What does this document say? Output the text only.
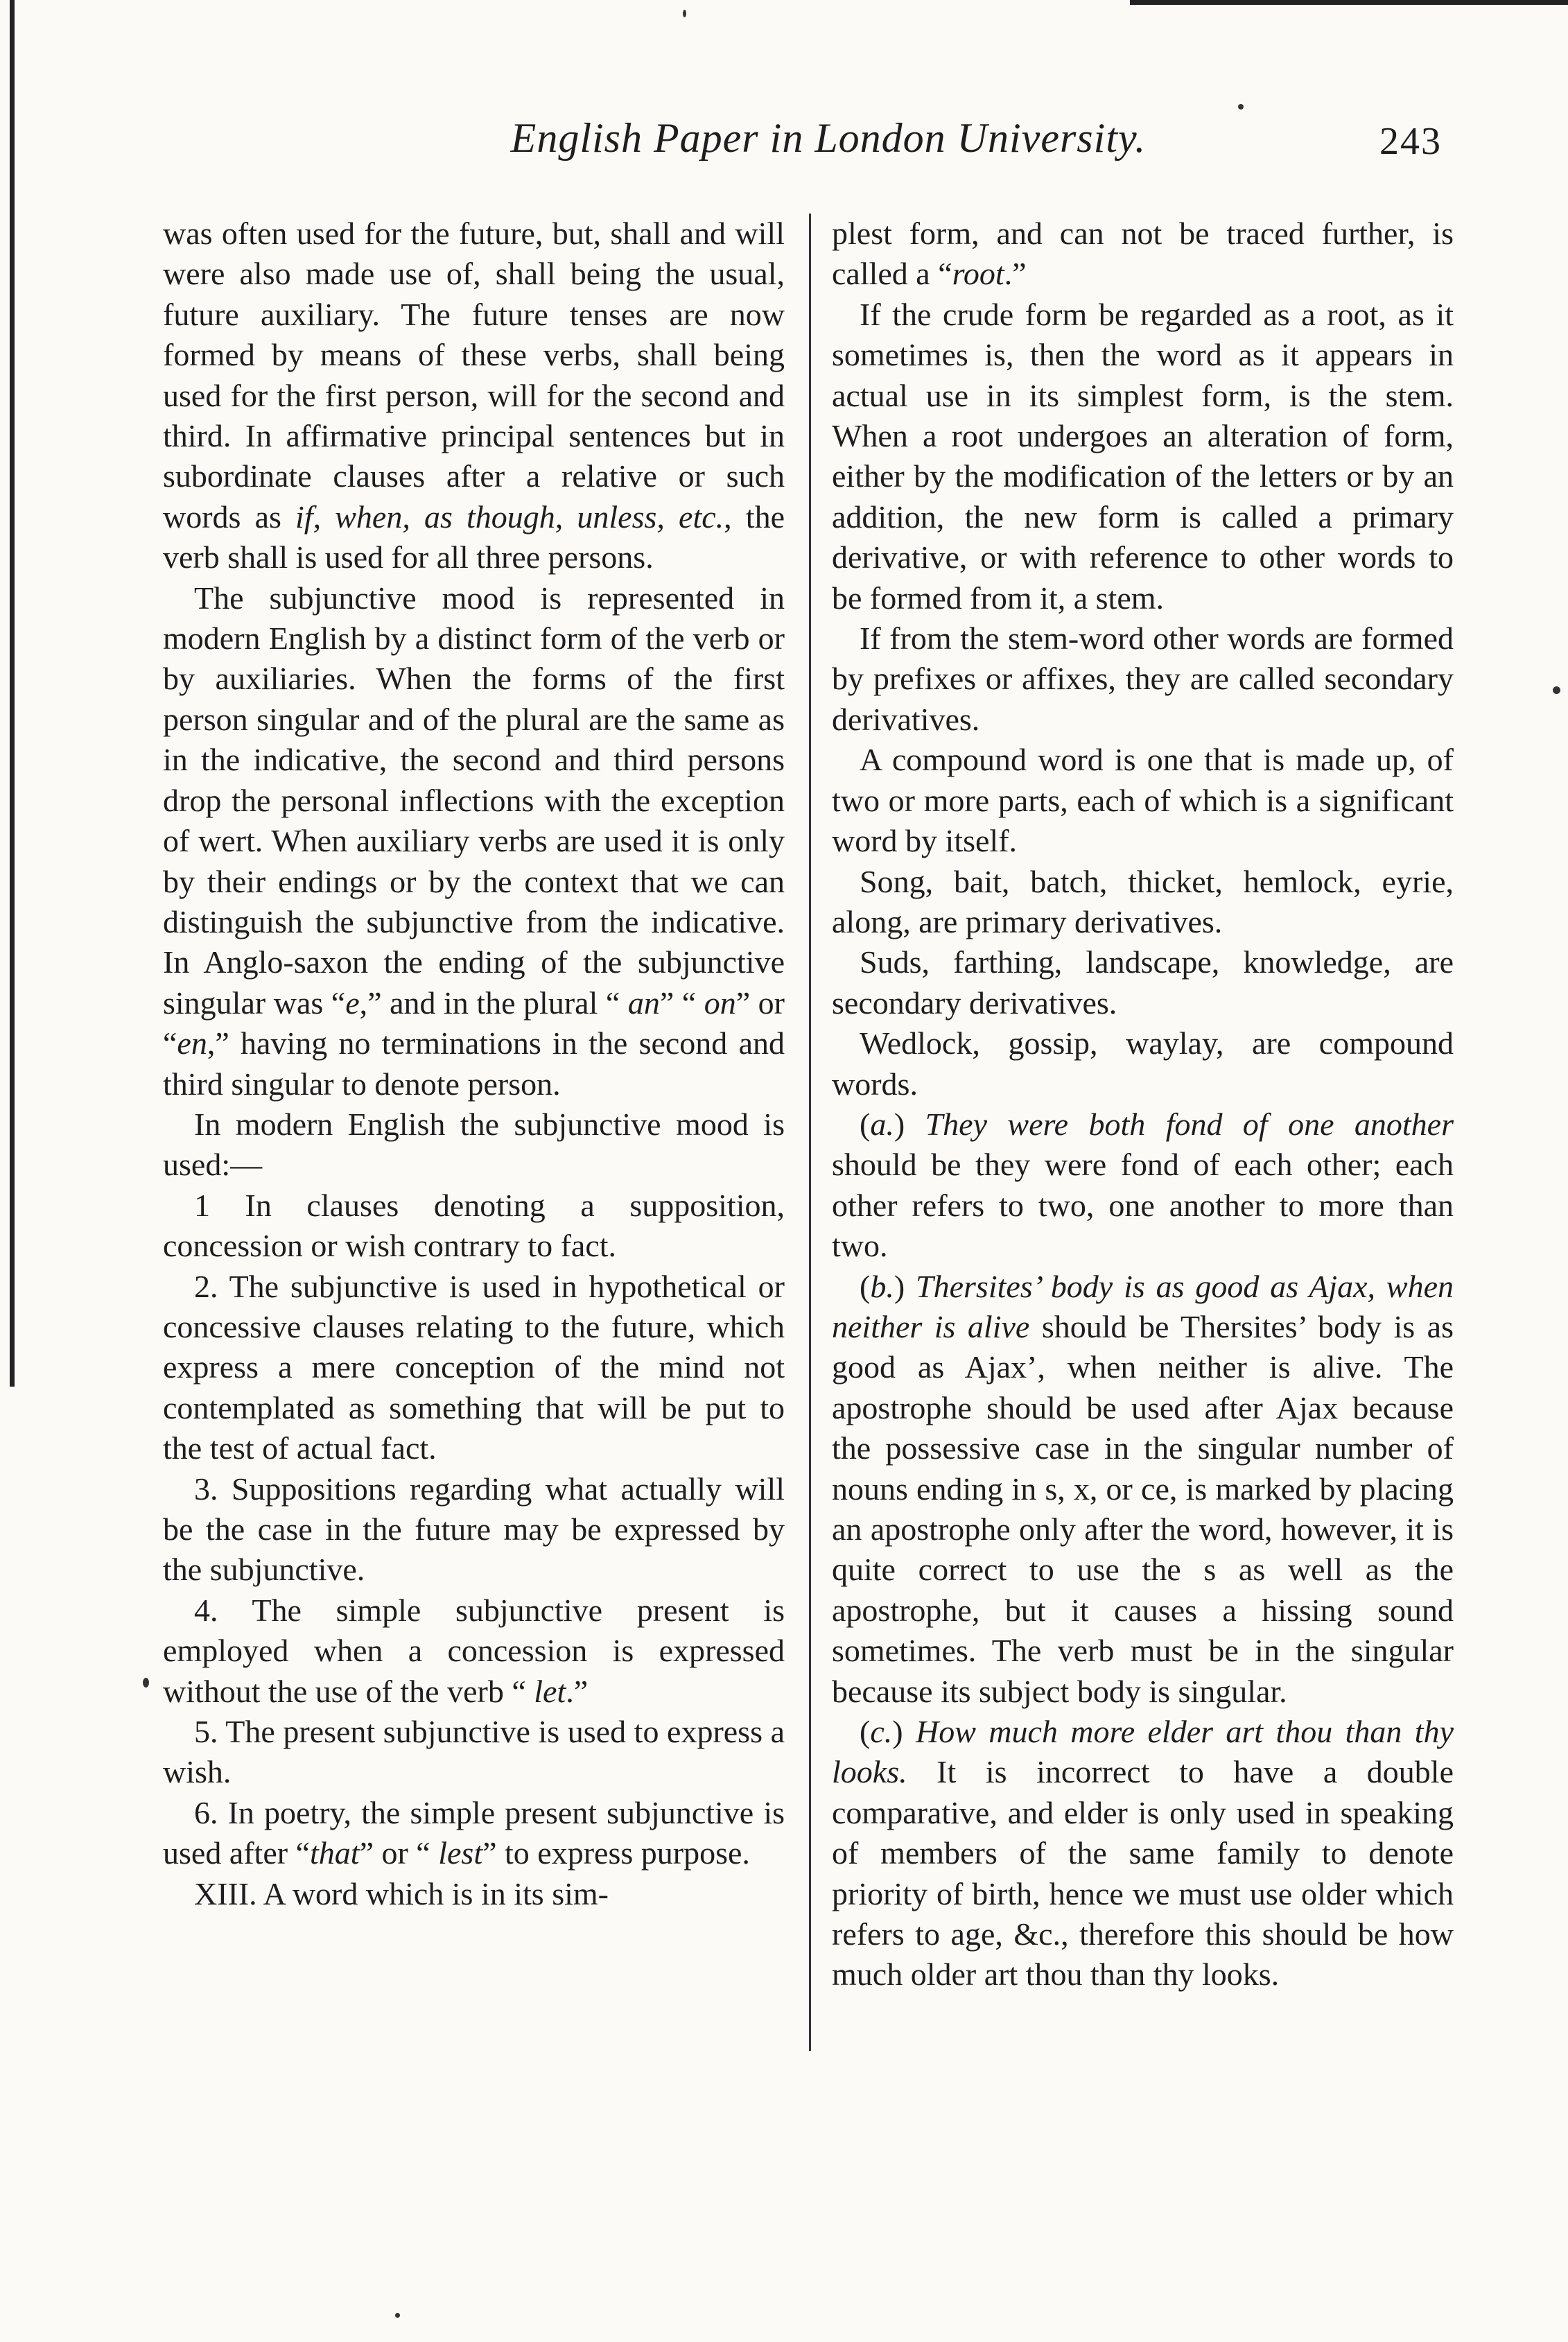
English Paper in London University.	243

was often used for the future, but, shall and will were also made use of, shall being the usual, future auxiliary. The future tenses are now formed by means of these verbs, shall being used for the first person, will for the second and third. In affirmative principal sentences but in subordinate clauses after a relative or such words as if, when, as though, unless, etc., the verb shall is used for all three persons.

The subjunctive mood is represented in modern English by a distinct form of the verb or by auxiliaries. When the forms of the first person singular and of the plural are the same as in the indicative, the second and third persons drop the personal inflections with the exception of wert. When auxiliary verbs are used it is only by their endings or by the context that we can distinguish the subjunctive from the indicative. In Anglo-saxon the ending of the subjunctive singular was “e,” and in the plural “ an” “ on” or “en,” having no terminations in the second and third singular to denote person.

In modern English the subjunctive mood is used:—

1 In clauses denoting a supposition, concession or wish contrary to fact.

2. The subjunctive is used in hypothetical or concessive clauses relating to the future, which express a mere conception of the mind not contemplated as something that will be put to the test of actual fact.

3. Suppositions regarding what actually will be the case in the future may be expressed by the subjunctive.

4. The simple subjunctive present is employed when a concession is expressed without the use of the verb “ let.”

5. The present subjunctive is used to express a wish.

6. In poetry, the simple present subjunctive is used after “that” or “ lest” to express purpose.

XIII. A word which is in its sim-

plest form, and can not be traced further, is called a “root.”

If the crude form be regarded as a root, as it sometimes is, then the word as it appears in actual use in its simplest form, is the stem. When a root undergoes an alteration of form, either by the modification of the letters or by an addition, the new form is called a primary derivative, or with reference to other words to be formed from it, a stem.

If from the stem-word other words are formed by prefixes or affixes, they are called secondary derivatives.

A compound word is one that is made up, of two or more parts, each of which is a significant word by itself.

Song, bait, batch, thicket, hemlock, eyrie, along, are primary derivatives.

Suds, farthing, landscape, knowledge, are secondary derivatives.

Wedlock, gossip, waylay, are compound words.

(a.) They were both fond of one another should be they were fond of each other; each other refers to two, one another to more than two.

(b.) Thersites’ body is as good as Ajax, when neither is alive should be Thersites’ body is as good as Ajax’, when neither is alive. The apostrophe should be used after Ajax because the possessive case in the singular number of nouns ending in s, x, or ce, is marked by placing an apostrophe only after the word, however, it is quite correct to use the s as well as the apostrophe, but it causes a hissing sound sometimes. The verb must be in the singular because its subject body is singular.

(c.) How much more elder art thou than thy looks. It is incorrect to have a double comparative, and elder is only used in speaking of members of the same family to denote priority of birth, hence we must use older which refers to age, &c., therefore this should be how much older art thou than thy looks.
